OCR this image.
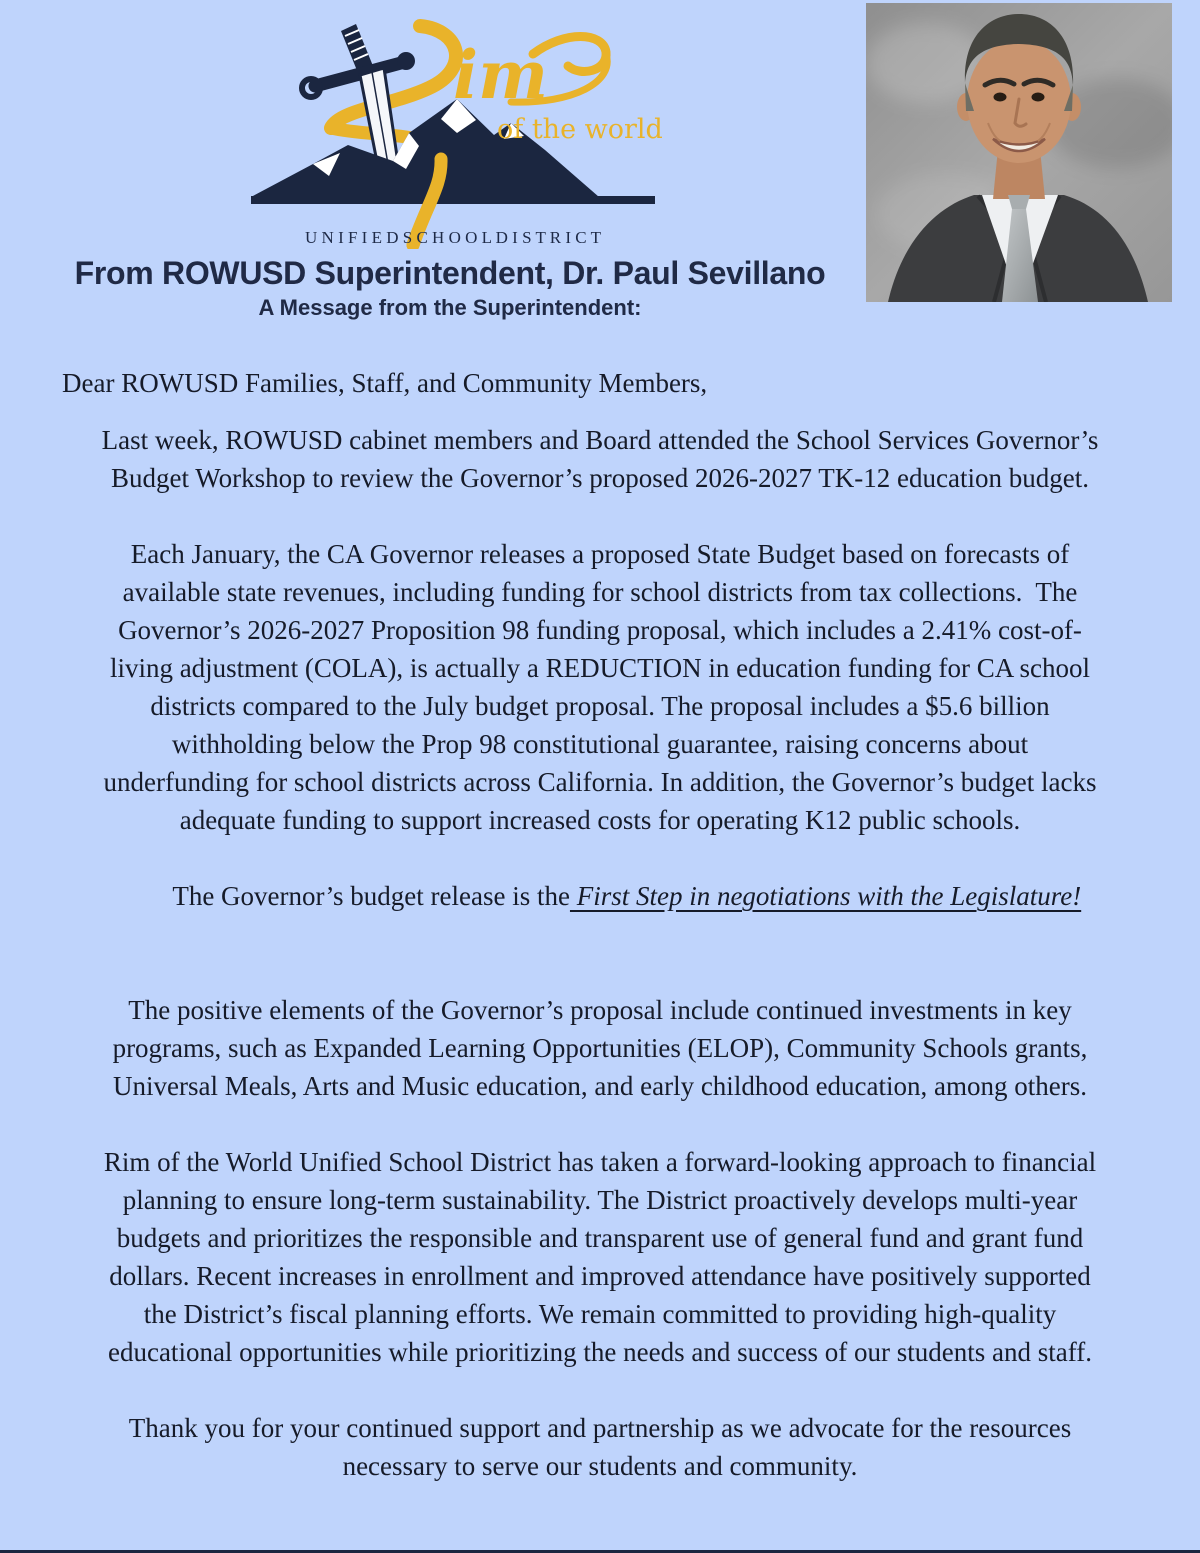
im
of the world
U N I F I E D S C H O O L D I S T R I C T
From ROWUSD Superintendent, Dr. Paul Sevillano
A Message from the Superintendent:

Dear ROWUSD Families, Staff, and Community Members,

Last week, ROWUSD cabinet members and Board attended the School Services Governor’s
Budget Workshop to review the Governor’s proposed 2026-2027 TK-12 education budget.
Each January, the CA Governor releases a proposed State Budget based on forecasts of
available state revenues, including funding for school districts from tax collections.  The
Governor’s 2026-2027 Proposition 98 funding proposal, which includes a 2.41% cost-of-
living adjustment (COLA), is actually a REDUCTION in education funding for CA school
districts compared to the July budget proposal. The proposal includes a $5.6 billion
withholding below the Prop 98 constitutional guarantee, raising concerns about
underfunding for school districts across California. In addition, the Governor’s budget lacks
adequate funding to support increased costs for operating K12 public schools.

The Governor’s budget release is the First Step in negotiations with the Legislature!

The positive elements of the Governor’s proposal include continued investments in key
programs, such as Expanded Learning Opportunities (ELOP), Community Schools grants,
Universal Meals, Arts and Music education, and early childhood education, among others.
Rim of the World Unified School District has taken a forward-looking approach to financial
planning to ensure long-term sustainability. The District proactively develops multi-year
budgets and prioritizes the responsible and transparent use of general fund and grant fund
dollars. Recent increases in enrollment and improved attendance have positively supported
the District’s fiscal planning efforts. We remain committed to providing high-quality
educational opportunities while prioritizing the needs and success of our students and staff.
Thank you for your continued support and partnership as we advocate for the resources
necessary to serve our students and community.
